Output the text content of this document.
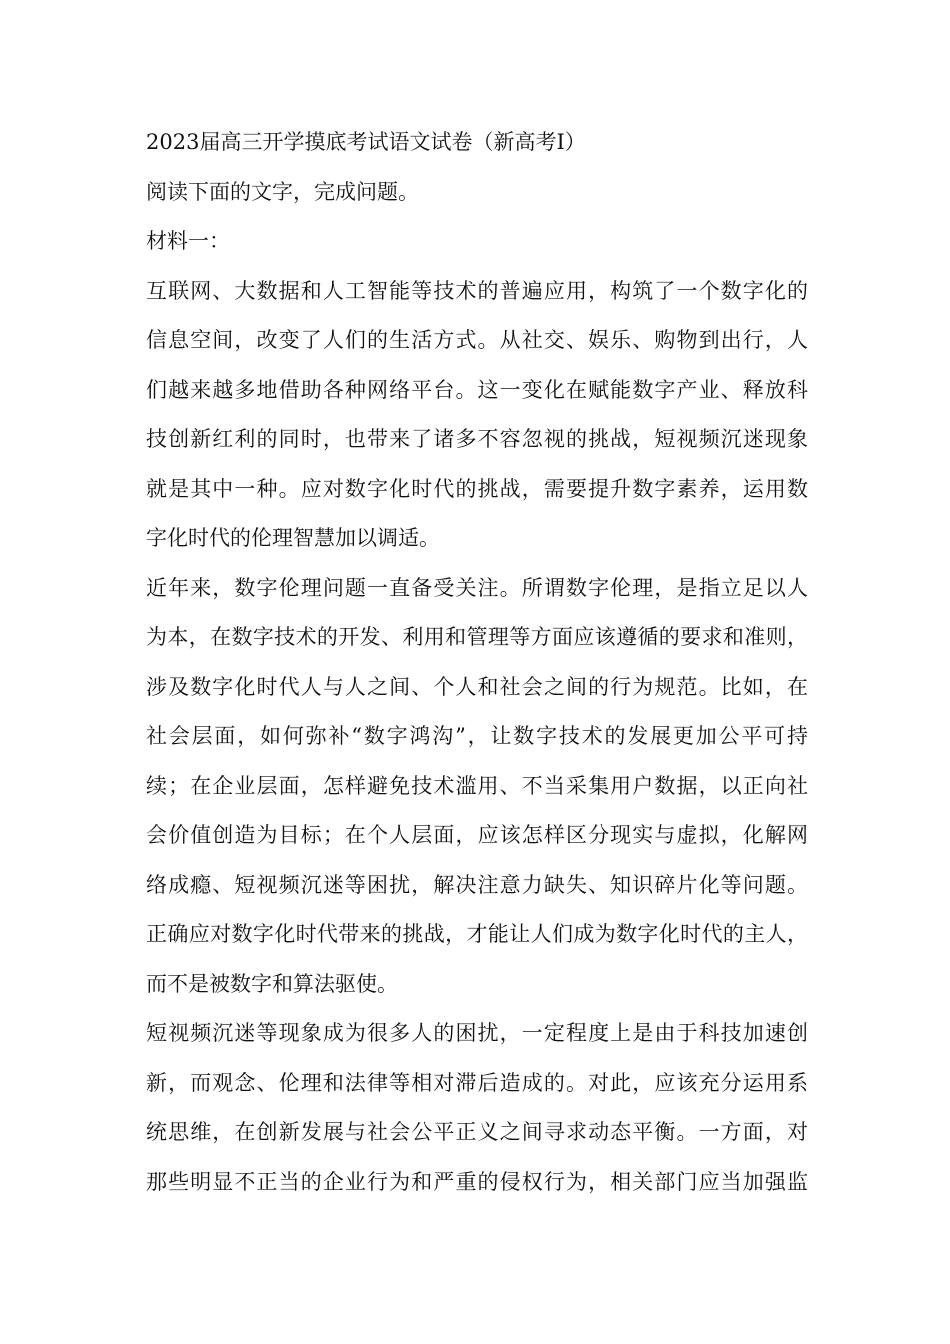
2023届高三开学摸底考试语文试卷（新高考Ⅰ）
阅读下面的文字，完成问题。
材料一：
互联网、大数据和人工智能等技术的普遍应用，构筑了一个数字化的
信息空间，改变了人们的生活方式。从社交、娱乐、购物到出行，人
们越来越多地借助各种网络平台。这一变化在赋能数字产业、释放科
技创新红利的同时，也带来了诸多不容忽视的挑战，短视频沉迷现象
就是其中一种。应对数字化时代的挑战，需要提升数字素养，运用数
字化时代的伦理智慧加以调适。
近年来，数字伦理问题一直备受关注。所谓数字伦理，是指立足以人
为本，在数字技术的开发、利用和管理等方面应该遵循的要求和准则，
涉及数字化时代人与人之间、个人和社会之间的行为规范。比如，在
社会层面，如何弥补“数字鸿沟”，让数字技术的发展更加公平可持
续；在企业层面，怎样避免技术滥用、不当采集用户数据，以正向社
会价值创造为目标；在个人层面，应该怎样区分现实与虚拟，化解网
络成瘾、短视频沉迷等困扰，解决注意力缺失、知识碎片化等问题。
正确应对数字化时代带来的挑战，才能让人们成为数字化时代的主人，
而不是被数字和算法驱使。
短视频沉迷等现象成为很多人的困扰，一定程度上是由于科技加速创
新，而观念、伦理和法律等相对滞后造成的。对此，应该充分运用系
统思维，在创新发展与社会公平正义之间寻求动态平衡。一方面，对
那些明显不正当的企业行为和严重的侵权行为，相关部门应当加强监
